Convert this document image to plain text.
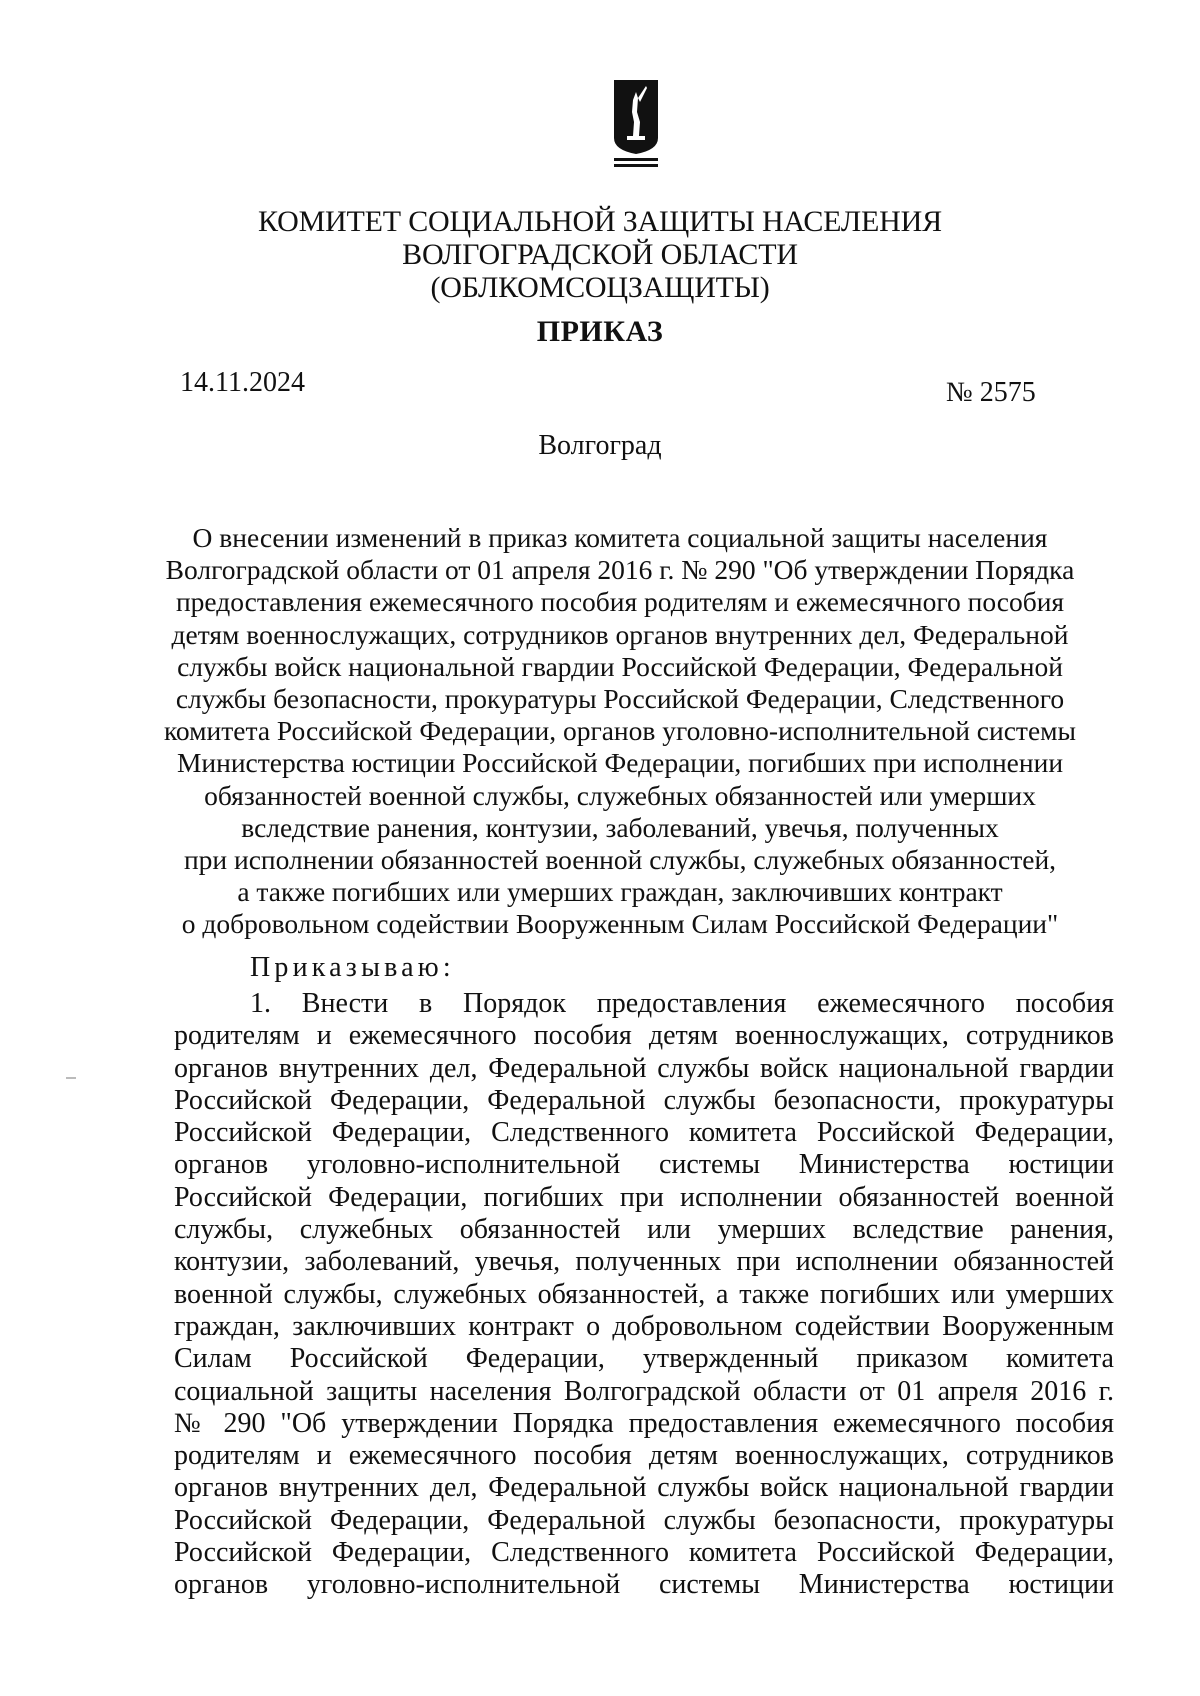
КОМИТЕТ СОЦИАЛЬНОЙ ЗАЩИТЫ НАСЕЛЕНИЯ
ВОЛГОГРАДСКОЙ ОБЛАСТИ
(ОБЛКОМСОЦЗАЩИТЫ)
ПРИКАЗ
14.11.2024	№ 2575
Волгоград
О внесении изменений в приказ комитета социальной защиты населения
Волгоградской области от 01 апреля 2016 г. № 290 "Об утверждении Порядка
предоставления ежемесячного пособия родителям и ежемесячного пособия
детям военнослужащих, сотрудников органов внутренних дел, Федеральной
службы войск национальной гвардии Российской Федерации, Федеральной
службы безопасности, прокуратуры Российской Федерации, Следственного
комитета Российской Федерации, органов уголовно-исполнительной системы
Министерства юстиции Российской Федерации, погибших при исполнении
обязанностей военной службы, служебных обязанностей или умерших
вследствие ранения, контузии, заболеваний, увечья, полученных
при исполнении обязанностей военной службы, служебных обязанностей,
а также погибших или умерших граждан, заключивших контракт
о добровольном содействии Вооруженным Силам Российской Федерации"
Приказываю:
1. Внести в Порядок предоставления ежемесячного пособия
родителям и ежемесячного пособия детям военнослужащих, сотрудников
органов внутренних дел, Федеральной службы войск национальной гвардии
Российской Федерации, Федеральной службы безопасности, прокуратуры
Российской Федерации, Следственного комитета Российской Федерации,
органов уголовно-исполнительной системы Министерства юстиции
Российской Федерации, погибших при исполнении обязанностей военной
службы, служебных обязанностей или умерших вследствие ранения,
контузии, заболеваний, увечья, полученных при исполнении обязанностей
военной службы, служебных обязанностей, а также погибших или умерших
граждан, заключивших контракт о добровольном содействии Вооруженным
Силам Российской Федерации, утвержденный приказом комитета
социальной защиты населения Волгоградской области от 01 апреля 2016 г.
№ 290 "Об утверждении Порядка предоставления ежемесячного пособия
родителям и ежемесячного пособия детям военнослужащих, сотрудников
органов внутренних дел, Федеральной службы войск национальной гвардии
Российской Федерации, Федеральной службы безопасности, прокуратуры
Российской Федерации, Следственного комитета Российской Федерации,
органов уголовно-исполнительной системы Министерства юстиции
